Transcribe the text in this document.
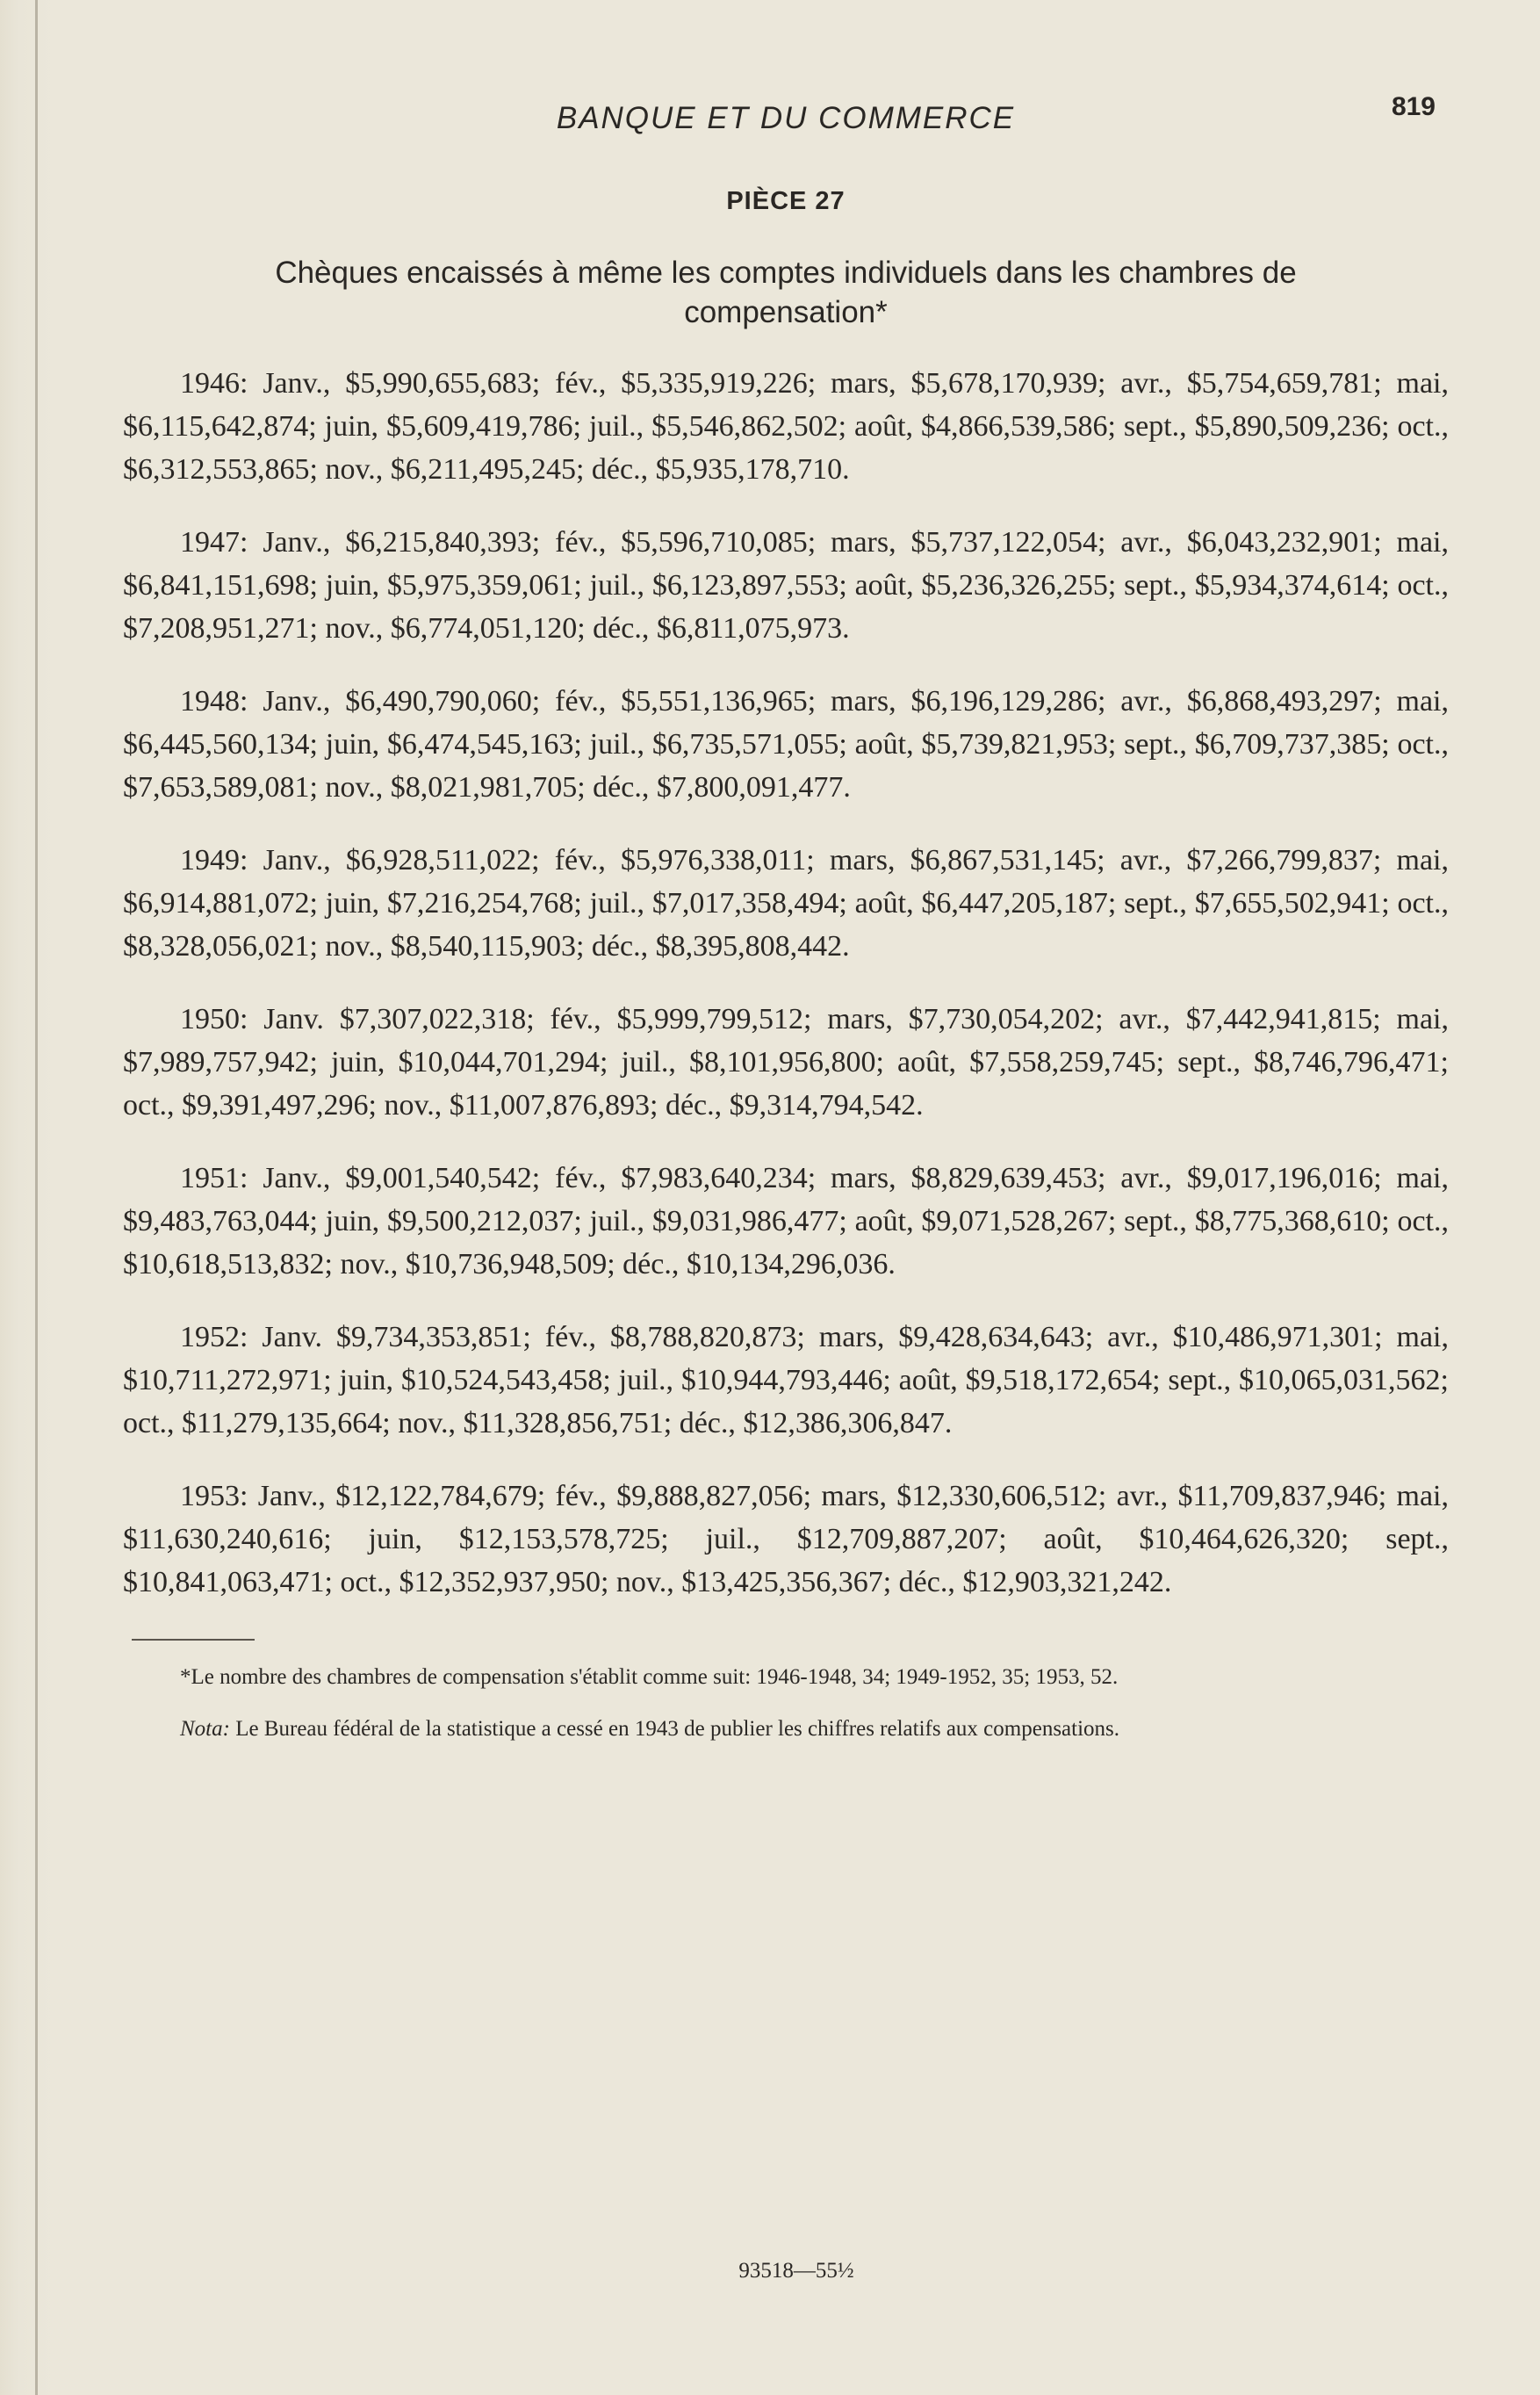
BANQUE ET DU COMMERCE	819
PIÈCE 27
Chèques encaissés à même les comptes individuels dans les chambres de compensation*

1946: Janv., $5,990,655,683; fév., $5,335,919,226; mars, $5,678,170,939; avr., $5,754,659,781; mai, $6,115,642,874; juin, $5,609,419,786; juil., $5,546,862,502; août, $4,866,539,586; sept., $5,890,509,236; oct., $6,312,553,865; nov., $6,211,495,245; déc., $5,935,178,710.

1947: Janv., $6,215,840,393; fév., $5,596,710,085; mars, $5,737,122,054; avr., $6,043,232,901; mai, $6,841,151,698; juin, $5,975,359,061; juil., $6,123,897,553; août, $5,236,326,255; sept., $5,934,374,614; oct., $7,208,951,271; nov., $6,774,051,120; déc., $6,811,075,973.

1948: Janv., $6,490,790,060; fév., $5,551,136,965; mars, $6,196,129,286; avr., $6,868,493,297; mai, $6,445,560,134; juin, $6,474,545,163; juil., $6,735,571,055; août, $5,739,821,953; sept., $6,709,737,385; oct., $7,653,589,081; nov., $8,021,981,705; déc., $7,800,091,477.

1949: Janv., $6,928,511,022; fév., $5,976,338,011; mars, $6,867,531,145; avr., $7,266,799,837; mai, $6,914,881,072; juin, $7,216,254,768; juil., $7,017,358,494; août, $6,447,205,187; sept., $7,655,502,941; oct., $8,328,056,021; nov., $8,540,115,903; déc., $8,395,808,442.

1950: Janv. $7,307,022,318; fév., $5,999,799,512; mars, $7,730,054,202; avr., $7,442,941,815; mai, $7,989,757,942; juin, $10,044,701,294; juil., $8,101,956,800; août, $7,558,259,745; sept., $8,746,796,471; oct., $9,391,497,296; nov., $11,007,876,893; déc., $9,314,794,542.

1951: Janv., $9,001,540,542; fév., $7,983,640,234; mars, $8,829,639,453; avr., $9,017,196,016; mai, $9,483,763,044; juin, $9,500,212,037; juil., $9,031,986,477; août, $9,071,528,267; sept., $8,775,368,610; oct., $10,618,513,832; nov., $10,736,948,509; déc., $10,134,296,036.

1952: Janv. $9,734,353,851; fév., $8,788,820,873; mars, $9,428,634,643; avr., $10,486,971,301; mai, $10,711,272,971; juin, $10,524,543,458; juil., $10,944,793,446; août, $9,518,172,654; sept., $10,065,031,562; oct., $11,279,135,664; nov., $11,328,856,751; déc., $12,386,306,847.

1953: Janv., $12,122,784,679; fév., $9,888,827,056; mars, $12,330,606,512; avr., $11,709,837,946; mai, $11,630,240,616; juin, $12,153,578,725; juil., $12,709,887,207; août, $10,464,626,320; sept., $10,841,063,471; oct., $12,352,937,950; nov., $13,425,356,367; déc., $12,903,321,242.

*Le nombre des chambres de compensation s'établit comme suit: 1946-1948, 34; 1949-1952, 35; 1953, 52.

Nota: Le Bureau fédéral de la statistique a cessé en 1943 de publier les chiffres relatifs aux compensations.

93518—55½
